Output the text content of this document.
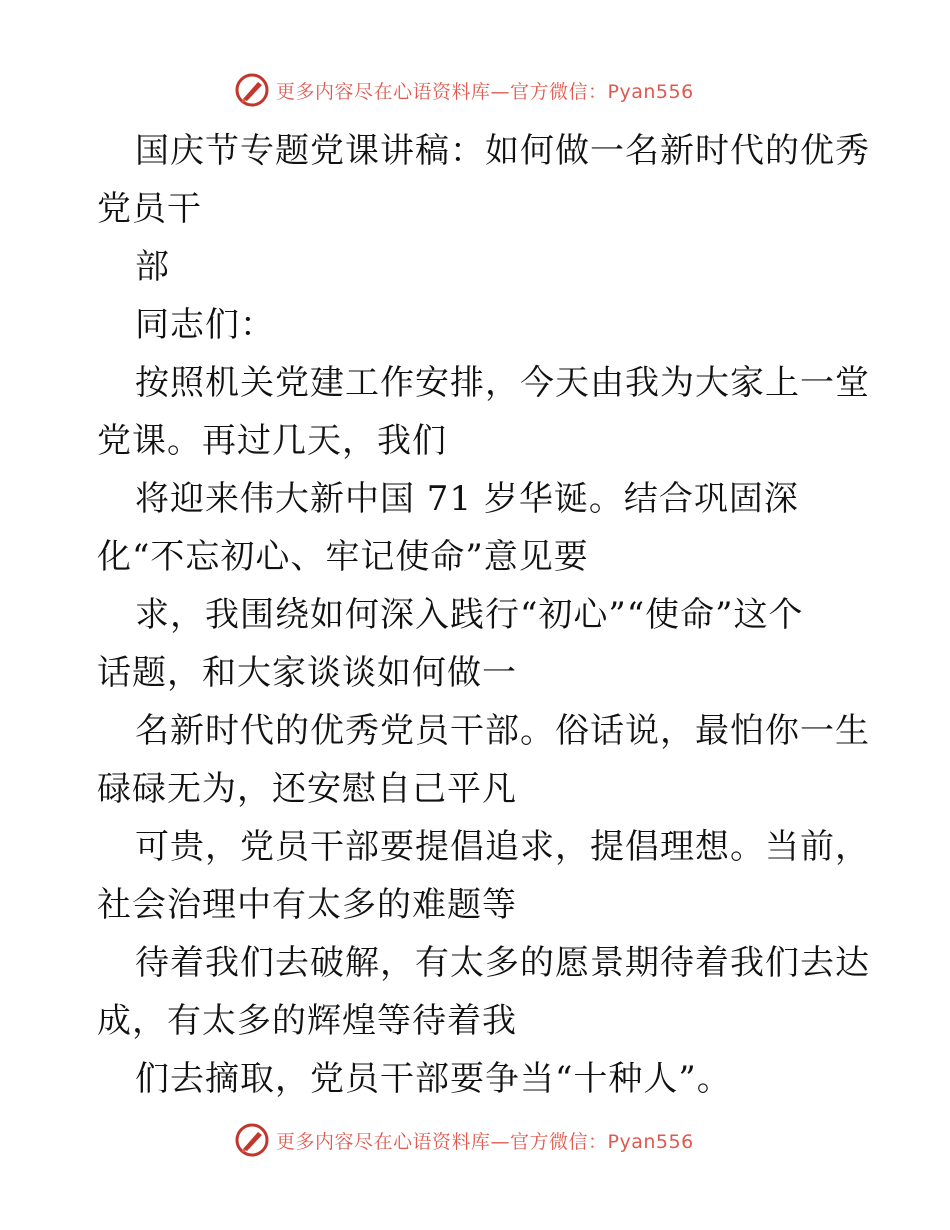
更多内容尽在心语资料库—官方微信：Pyan556
国庆节专题党课讲稿：如何做一名新时代的优秀
党员干
部
同志们：
按照机关党建工作安排，今天由我为大家上一堂
党课。再过几天，我们
将迎来伟大新中国 71 岁华诞。结合巩固深
化“不忘初心、牢记使命”意见要
求，我围绕如何深入践行“初心”“使命”这个
话题，和大家谈谈如何做一
名新时代的优秀党员干部。俗话说，最怕你一生
碌碌无为，还安慰自己平凡
可贵，党员干部要提倡追求，提倡理想。当前，
社会治理中有太多的难题等
待着我们去破解，有太多的愿景期待着我们去达
成，有太多的辉煌等待着我
们去摘取，党员干部要争当“十种人”。
更多内容尽在心语资料库—官方微信：Pyan556
